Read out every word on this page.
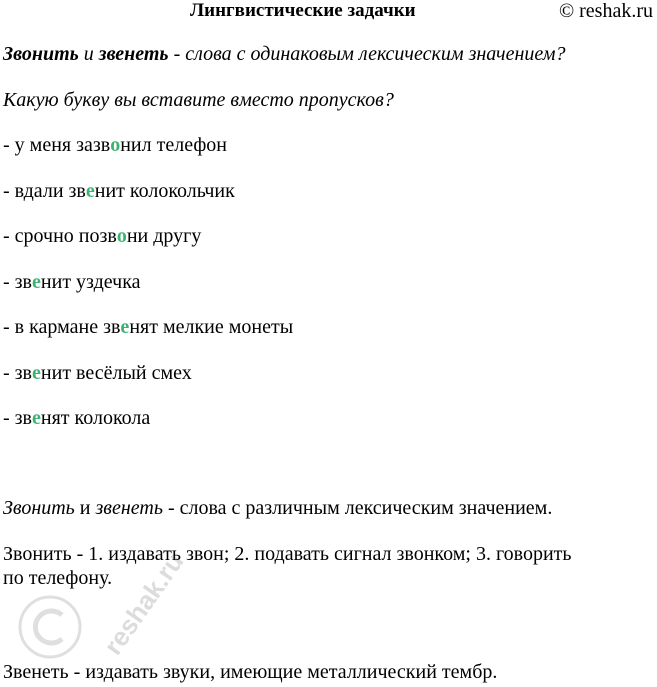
Лингвистические задачки	© reshak.ru
Звонить и звенеть - слова с одинаковым лексическим значением?
Какую букву вы вставите вместо пропусков?
- у меня зазвонил телефон
- вдали звенит колокольчик
- срочно позвони другу
- звенит уздечка
- в кармане звенят мелкие монеты
- звенит весёлый смех
- звенят колокола
Звонить и звенеть - слова с различным лексическим значением.
Звонить - 1. издавать звон; 2. подавать сигнал звонком; 3. говорить
по телефону.
Звенеть - издавать звуки, имеющие металлический тембр.
reshak.ru
